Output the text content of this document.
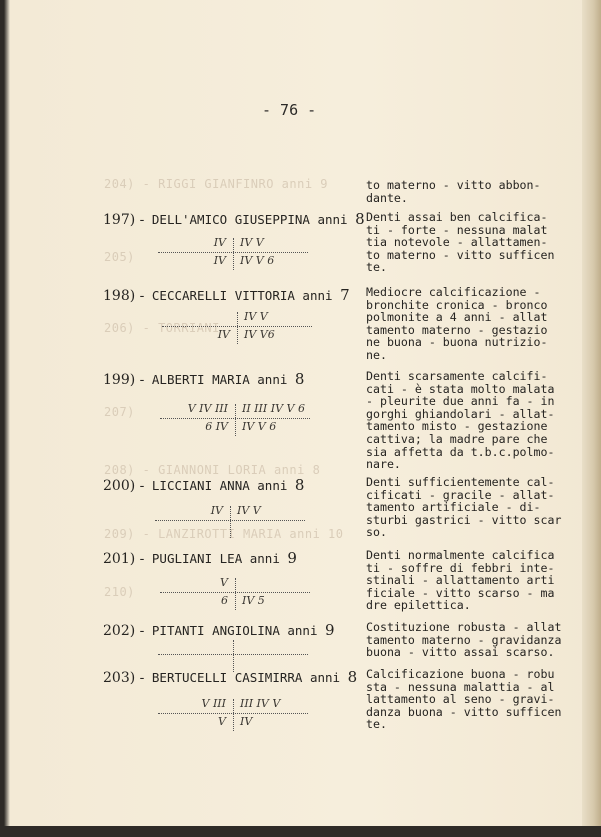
- 76 -
204) - RIGGI GIANFINRO anni 9
205)
206) - TORRIANI
207)
208) - GIANNONI LORIA anni 8
209) - LANZIROTTI MARIA anni 10
210)
to materno - vitto abbon-
dante.
197) - DELL'AMICO GIUSEPPINA anni 8
IV IV V
IV IV V 6
Denti assai ben calcifica-
ti - forte - nessuna malat
tia notevole - allattamen-
to materno - vitto sufficen
te.
198) - CECCARELLI VITTORIA anni 7
IV V
IV IV V6
Mediocre calcificazione -
bronchite cronica - bronco
polmonite a 4 anni - allat
tamento materno - gestazio
ne buona - buona nutrizio-
ne.
199) - ALBERTI MARIA anni 8
V IV III II III IV V 6
6 IV IV V 6
Denti scarsamente calcifi-
cati - è stata molto malata
- pleurite due anni fa - in
gorghi ghiandolari - allat-
tamento misto - gestazione
cattiva; la madre pare che
sia affetta da t.b.c.polmo-
nare.
200) - LICCIANI ANNA anni 8
IV IV V
Denti sufficientemente cal-
cificati - gracile - allat-
tamento artificiale - di-
sturbi gastrici - vitto scar
so.
201) - PUGLIANI LEA anni 9
V
6 IV 5
Denti normalmente calcifica
ti - soffre di febbri inte-
stinali - allattamento arti
ficiale - vitto scarso - ma
dre epilettica.
202) - PITANTI ANGIOLINA anni 9	Costituzione robusta - allat
tamento materno - gravidanza
buona - vitto assai scarso.
203) - BERTUCELLI CASIMIRRA anni 8
V III III IV V
V IV
Calcificazione buona - robu
sta - nessuna malattia - al
lattamento al seno - gravi-
danza buona - vitto sufficen
te.
